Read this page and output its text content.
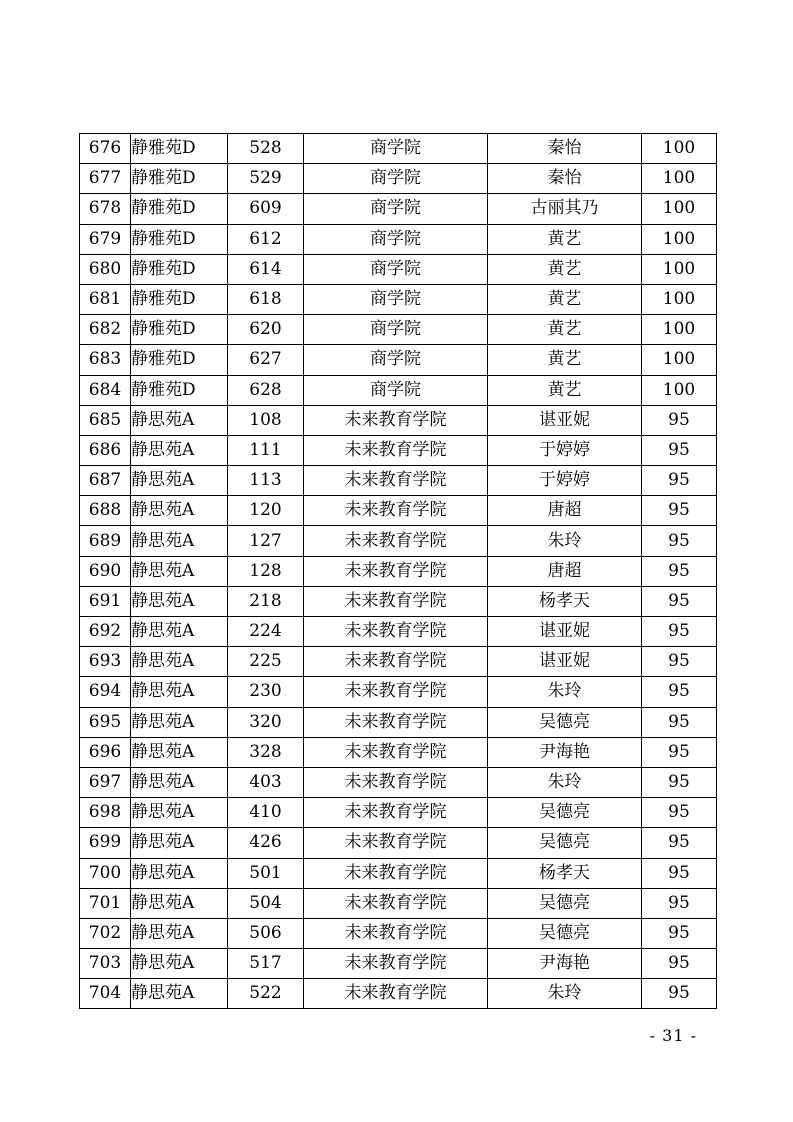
676	静雅苑D	528	商学院	秦怡	100
677	静雅苑D	529	商学院	秦怡	100
678	静雅苑D	609	商学院	古丽其乃	100
679	静雅苑D	612	商学院	黄艺	100
680	静雅苑D	614	商学院	黄艺	100
681	静雅苑D	618	商学院	黄艺	100
682	静雅苑D	620	商学院	黄艺	100
683	静雅苑D	627	商学院	黄艺	100
684	静雅苑D	628	商学院	黄艺	100
685	静思苑A	108	未来教育学院	谌亚妮	95
686	静思苑A	111	未来教育学院	于婷婷	95
687	静思苑A	113	未来教育学院	于婷婷	95
688	静思苑A	120	未来教育学院	唐超	95
689	静思苑A	127	未来教育学院	朱玲	95
690	静思苑A	128	未来教育学院	唐超	95
691	静思苑A	218	未来教育学院	杨孝天	95
692	静思苑A	224	未来教育学院	谌亚妮	95
693	静思苑A	225	未来教育学院	谌亚妮	95
694	静思苑A	230	未来教育学院	朱玲	95
695	静思苑A	320	未来教育学院	吴德亮	95
696	静思苑A	328	未来教育学院	尹海艳	95
697	静思苑A	403	未来教育学院	朱玲	95
698	静思苑A	410	未来教育学院	吴德亮	95
699	静思苑A	426	未来教育学院	吴德亮	95
700	静思苑A	501	未来教育学院	杨孝天	95
701	静思苑A	504	未来教育学院	吴德亮	95
702	静思苑A	506	未来教育学院	吴德亮	95
703	静思苑A	517	未来教育学院	尹海艳	95
704	静思苑A	522	未来教育学院	朱玲	95
- 31 -
